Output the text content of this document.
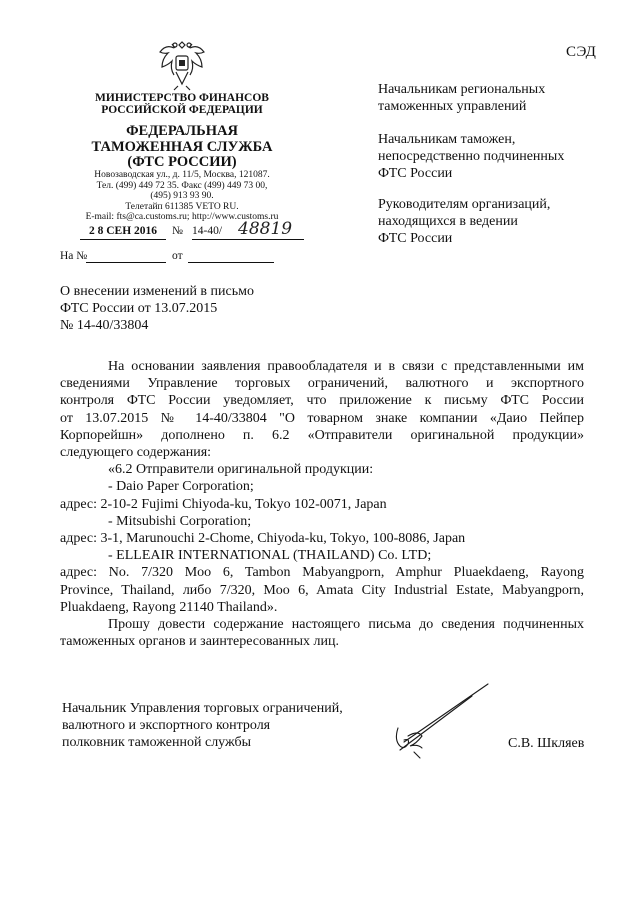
СЭД
МИНИСТЕРСТВО ФИНАНСОВ
РОССИЙСКОЙ ФЕДЕРАЦИИ
ФЕДЕРАЛЬНАЯ
ТАМОЖЕННАЯ СЛУЖБА
(ФТС РОССИИ)
Новозаводская ул., д. 11/5, Москва, 121087.
Тел. (499) 449 72 35. Факс (499) 449 73 00,
(495) 913 93 90.
Телетайп 611385 VETO RU.
E-mail: fts@ca.customs.ru; http://www.customs.ru
2 8 СЕН 2016	№ 14-40/ 48819
На №	от
Начальникам региональных
таможенных управлений
Начальникам таможен,
непосредственно подчиненных
ФТС России
Руководителям организаций,
находящихся в ведении
ФТС России
О внесении изменений в письмо
ФТС России от 13.07.2015
№ 14-40/33804

На основании заявления правообладателя и в связи с представленными им

сведениями Управление торговых ограничений, валютного и экспортного

контроля ФТС России уведомляет, что приложение к письму ФТС России

от 13.07.2015 № 14-40/33804 "О товарном знаке компании «Даио Пейпер

Корпорейшн» дополнено п. 6.2 «Отправители оригинальной продукции»

следующего содержания:

«6.2 Отправители оригинальной продукции:

- Daio Paper Corporation;

адрес: 2-10-2 Fujimi Chiyoda-ku, Tokyo 102-0071, Japan

- Mitsubishi Corporation;

адрес: 3-1, Marunouchi 2-Chome, Chiyoda-ku, Tokyo, 100-8086, Japan

- ELLEAIR INTERNATIONAL (THAILAND) Co. LTD;

адрес: No. 7/320 Moo 6, Tambon Mabyangporn, Amphur Pluaekdaeng, Rayong

Province, Thailand, либо 7/320, Moo 6, Amata City Industrial Estate, Mabyangporn,

Pluakdaeng, Rayong 21140 Thailand».

Прошу довести содержание настоящего письма до сведения подчиненных

таможенных органов и заинтересованных лиц.

Начальник Управления торговых ограничений,
валютного и экспортного контроля
полковник таможенной службы	С.В. Шкляев
